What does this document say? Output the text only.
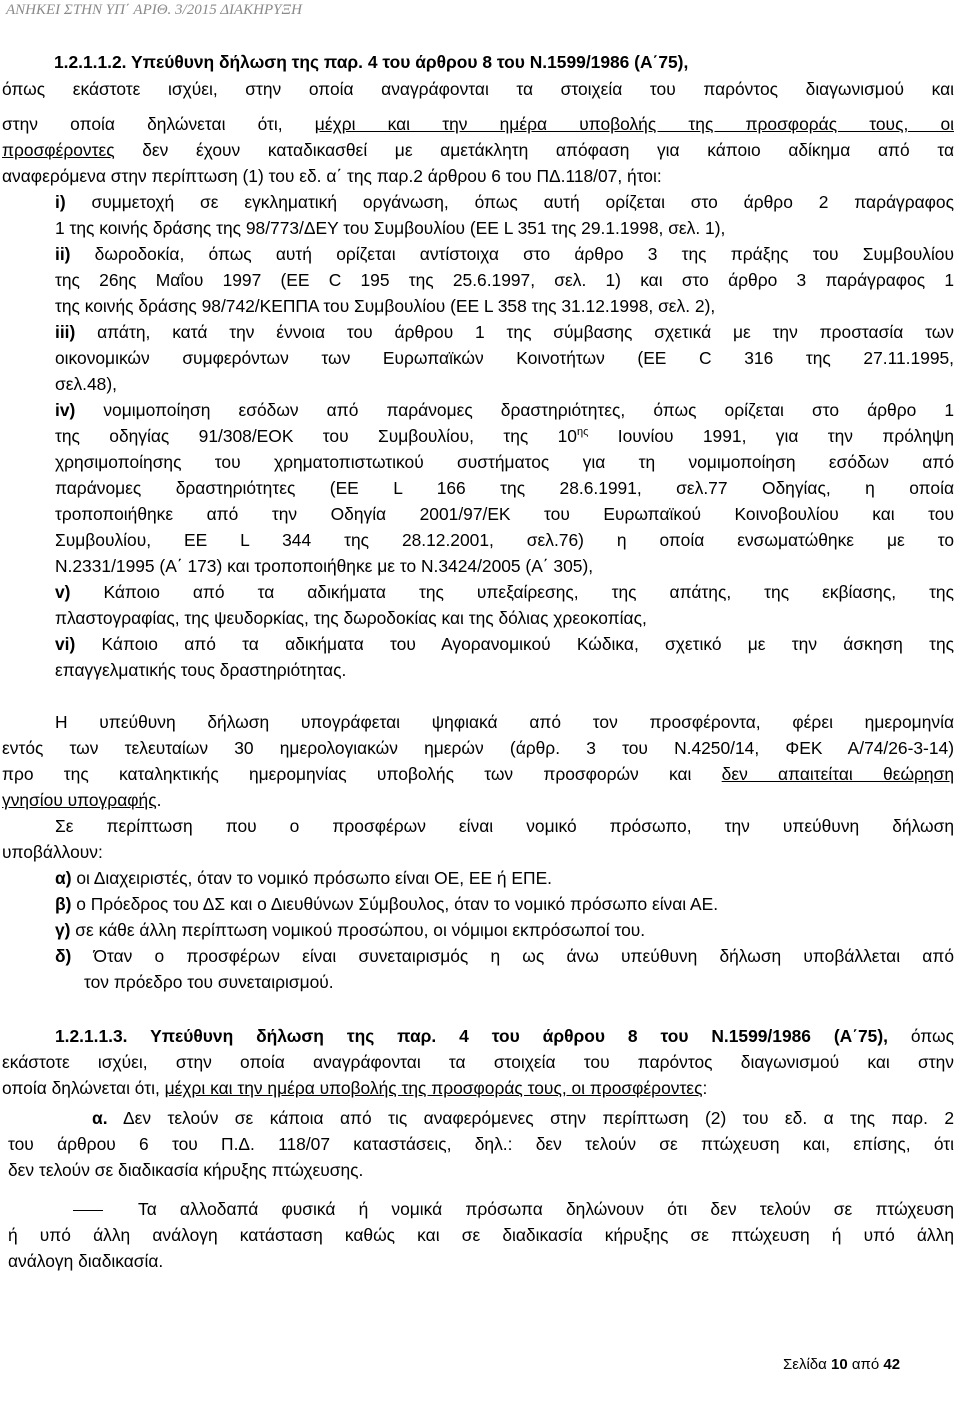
ΑΝΗΚΕΙ ΣΤΗΝ ΥΠ΄ ΑΡΙΘ. 3/2015 ΔΙΑΚΗΡΥΞΗ
1.2.1.1.2. Υπεύθυνη δήλωση της παρ. 4 του άρθρου 8 του Ν.1599/1986 (Α΄75),
όπως εκάστοτε ισχύει, στην οποία αναγράφονται τα στοιχεία του παρόντος διαγωνισμού και
στην οποία δηλώνεται ότι, μέχρι και την ημέρα υποβολής της προσφοράς τους, οι
προσφέροντες δεν έχουν καταδικασθεί με αμετάκλητη απόφαση για κάποιο αδίκημα από τα
αναφερόμενα στην περίπτωση (1) του εδ. α΄ της παρ.2 άρθρου 6 του ΠΔ.118/07, ήτοι:
i) συμμετοχή σε εγκληματική οργάνωση, όπως αυτή ορίζεται στο άρθρο 2 παράγραφος
1 της κοινής δράσης της 98/773/ΔΕΥ του Συμβουλίου (ΕΕ L 351 της 29.1.1998, σελ. 1),
ii) δωροδοκία, όπως αυτή ορίζεται αντίστοιχα στο άρθρο 3 της πράξης του Συμβουλίου
της 26ης Μαΐου 1997 (ΕΕ C 195 της 25.6.1997, σελ. 1) και στο άρθρο 3 παράγραφος 1
της κοινής δράσης 98/742/ΚΕΠΠΑ του Συμβουλίου (ΕΕ L 358 της 31.12.1998, σελ. 2),
iii) απάτη, κατά την έννοια του άρθρου 1 της σύμβασης σχετικά με την προστασία των
οικονομικών συμφερόντων των Ευρωπαϊκών Κοινοτήτων (ΕΕ C 316 της 27.11.1995,
σελ.48),
iv) νομιμοποίηση εσόδων από παράνομες δραστηριότητες, όπως ορίζεται στο άρθρο 1
της οδηγίας 91/308/ΕΟΚ του Συμβουλίου, της $10^{\eta\varsigma}$ Ιουνίου 1991, για την πρόληψη
χρησιμοποίησης του χρηματοπιστωτικού συστήματος για τη νομιμοποίηση εσόδων από
παράνομες δραστηριότητες (ΕΕ L 166 της 28.6.1991, σελ.77 Οδηγίας, η οποία
τροποποιήθηκε από την Οδηγία 2001/97/ΕΚ του Ευρωπαϊκού Κοινοβουλίου και του
Συμβουλίου, ΕΕ L 344 της 28.12.2001, σελ.76) η οποία ενσωματώθηκε με το
Ν.2331/1995 (Α΄ 173) και τροποποιήθηκε με το Ν.3424/2005 (Α΄ 305),
v) Κάποιο από τα αδικήματα της υπεξαίρεσης, της απάτης, της εκβίασης, της
πλαστογραφίας, της ψευδορκίας, της δωροδοκίας και της δόλιας χρεοκοπίας,
vi) Κάποιο από τα αδικήματα του Αγορανομικού Κώδικα, σχετικό με την άσκηση της
επαγγελματικής τους δραστηριότητας.
Η υπεύθυνη δήλωση υπογράφεται ψηφιακά από τον προσφέροντα, φέρει ημερομηνία
εντός των τελευταίων 30 ημερολογιακών ημερών (άρθρ. 3 του Ν.4250/14, ΦΕΚ Α/74/26-3-14)
προ της καταληκτικής ημερομηνίας υποβολής των προσφορών και δεν απαιτείται θεώρηση
γνησίου υπογραφής.
Σε περίπτωση που ο προσφέρων είναι νομικό πρόσωπο, την υπεύθυνη δήλωση
υποβάλλουν:
α) οι Διαχειριστές, όταν το νομικό πρόσωπο είναι ΟΕ, ΕΕ ή ΕΠΕ.
β) ο Πρόεδρος του ΔΣ και ο Διευθύνων Σύμβουλος, όταν το νομικό πρόσωπο είναι ΑΕ.
γ) σε κάθε άλλη περίπτωση νομικού προσώπου, οι νόμιμοι εκπρόσωποί του.
δ) Όταν ο προσφέρων είναι συνεταιρισμός η ως άνω υπεύθυνη δήλωση υποβάλλεται από
τον πρόεδρο του συνεταιρισμού.
1.2.1.1.3. Υπεύθυνη δήλωση της παρ. 4 του άρθρου 8 του Ν.1599/1986 (Α΄75), όπως
εκάστοτε ισχύει, στην οποία αναγράφονται τα στοιχεία του παρόντος διαγωνισμού και στην
οποία δηλώνεται ότι, μέχρι και την ημέρα υποβολής της προσφοράς τους, οι προσφέροντες:
α. Δεν τελούν σε κάποια από τις αναφερόμενες στην περίπτωση (2) του εδ. α της παρ. 2
του άρθρου 6 του Π.Δ. 118/07 καταστάσεις, δηλ.: δεν τελούν σε πτώχευση και, επίσης, ότι
δεν τελούν σε διαδικασία κήρυξης πτώχευσης.
Τα αλλοδαπά φυσικά ή νομικά πρόσωπα δηλώνουν ότι δεν τελούν σε πτώχευση
ή υπό άλλη ανάλογη κατάσταση καθώς και σε διαδικασία κήρυξης σε πτώχευση ή υπό άλλη
ανάλογη διαδικασία.
Σελίδα 10 από 42
